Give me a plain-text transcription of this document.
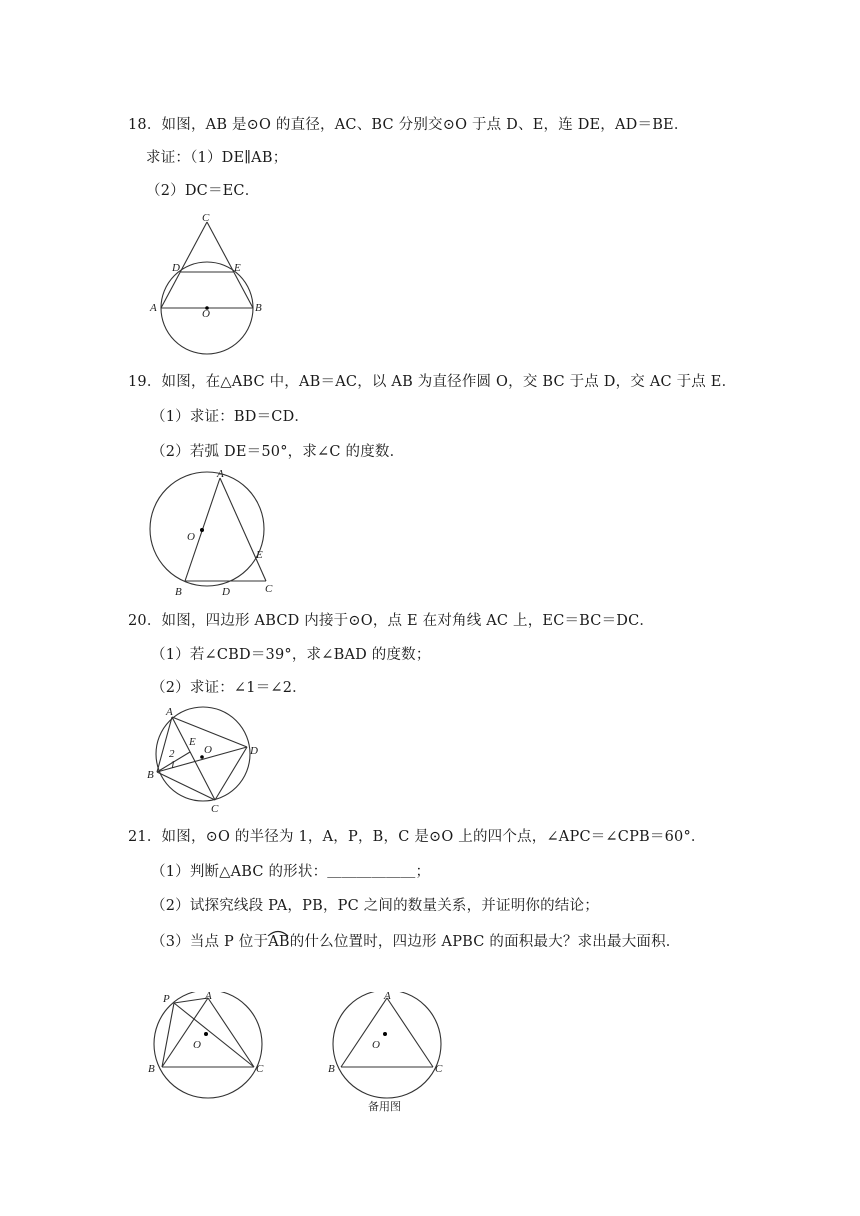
18．如图，AB 是⊙O 的直径，AC、BC 分别交⊙O 于点 D、E，连 DE，AD＝BE．
求证：（1）DE∥AB；
（2）DC＝EC．
C
D	E
A	B
O
19．如图，在△ABC 中，AB＝AC，以 AB 为直径作圆 O，交 BC 于点 D，交 AC 于点 E．
（1）求证：BD＝CD．
（2）若弧 DE＝50°，求∠C 的度数．
A
O
E
B	D	C
20．如图，四边形 ABCD 内接于⊙O，点 E 在对角线 AC 上，EC＝BC＝DC．
（1）若∠CBD＝39°，求∠BAD 的度数；
（2）求证：∠1＝∠2．
A
D
C
B
E
O
2
1
21．如图，⊙O 的半径为 1，A，P，B，C 是⊙O 上的四个点，∠APC＝∠CPB＝60°．
（1）判断△ABC 的形状：＿＿＿＿＿＿；
（2）试探究线段 PA，PB，PC 之间的数量关系，并证明你的结论；
（3）当点 P 位于
AB的什么位置时，四边形 APBC 的面积最大？求出最大面积．
A
P
O
B	C
A
O
B	C
备用图
